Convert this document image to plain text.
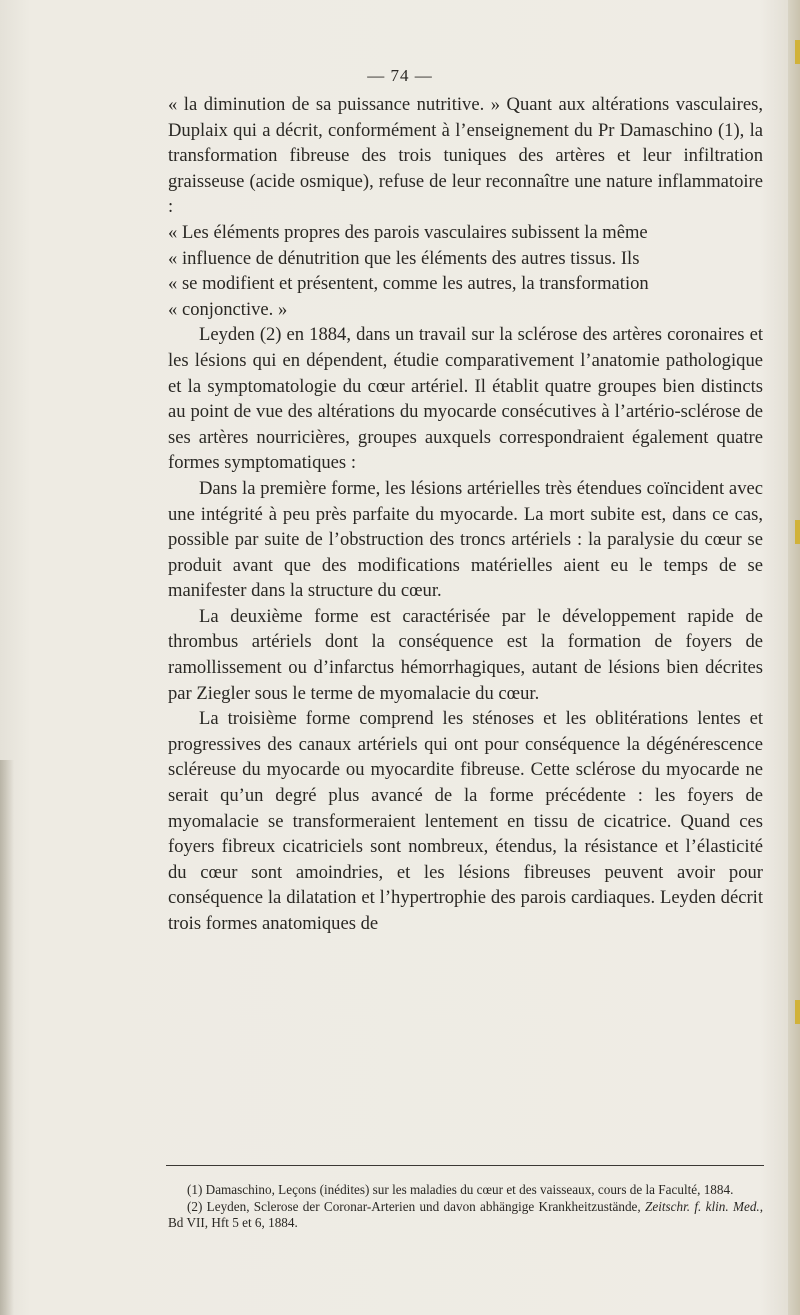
— 74 —

« la diminution de sa puissance nutritive. » Quant aux altérations vasculaires, Duplaix qui a décrit, conformément à l’enseignement du Pr Damaschino (1), la transformation fibreuse des trois tuniques des artères et leur infiltration graisseuse (acide osmique), refuse de leur reconnaître une nature inflammatoire :

« Les éléments propres des parois vasculaires subissent la même

« influence de dénutrition que les éléments des autres tissus. Ils

« se modifient et présentent, comme les autres, la transformation

« conjonctive. »

Leyden (2) en 1884, dans un travail sur la sclérose des artères coronaires et les lésions qui en dépendent, étudie comparativement l’anatomie pathologique et la symptomatologie du cœur artériel. Il établit quatre groupes bien distincts au point de vue des altérations du myocarde consécutives à l’artério-sclérose de ses artères nourricières, groupes auxquels correspondraient également quatre formes symptomatiques :

Dans la première forme, les lésions artérielles très étendues coïncident avec une intégrité à peu près parfaite du myocarde. La mort subite est, dans ce cas, possible par suite de l’obstruction des troncs artériels : la paralysie du cœur se produit avant que des modifications matérielles aient eu le temps de se manifester dans la structure du cœur.

La deuxième forme est caractérisée par le développement rapide de thrombus artériels dont la conséquence est la formation de foyers de ramollissement ou d’infarctus hémorrhagiques, autant de lésions bien décrites par Ziegler sous le terme de myomalacie du cœur.

La troisième forme comprend les sténoses et les oblitérations lentes et progressives des canaux artériels qui ont pour conséquence la dégénérescence scléreuse du myocarde ou myocardite fibreuse. Cette sclérose du myocarde ne serait qu’un degré plus avancé de la forme précédente : les foyers de myomalacie se transformeraient lentement en tissu de cicatrice. Quand ces foyers fibreux cicatriciels sont nombreux, étendus, la résistance et l’élasticité du cœur sont amoindries, et les lésions fibreuses peuvent avoir pour conséquence la dilatation et l’hypertrophie des parois cardiaques. Leyden décrit trois formes anatomiques de

(1) Damaschino, Leçons (inédites) sur les maladies du cœur et des vaisseaux, cours de la Faculté, 1884.

(2) Leyden, Sclerose der Coronar-Arterien und davon abhängige Krankheitzustände, Zeitschr. f. klin. Med., Bd VII, Hft 5 et 6, 1884.
